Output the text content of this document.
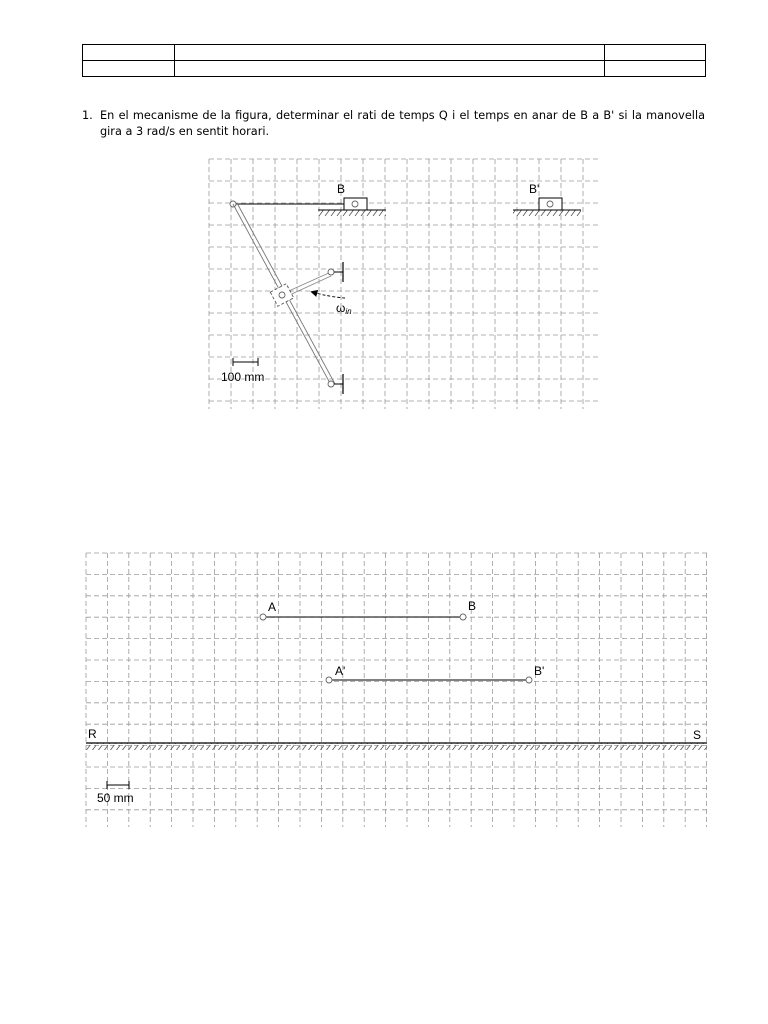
1. En el mecanisme de la figura, determinar el rati de temps Q i el temps en anar de B a B' si la manovella gira a 3 rad/s en sentit horari.
B	B'
ωin
100 mm
R	S
A	B
A'	B'
50 mm
